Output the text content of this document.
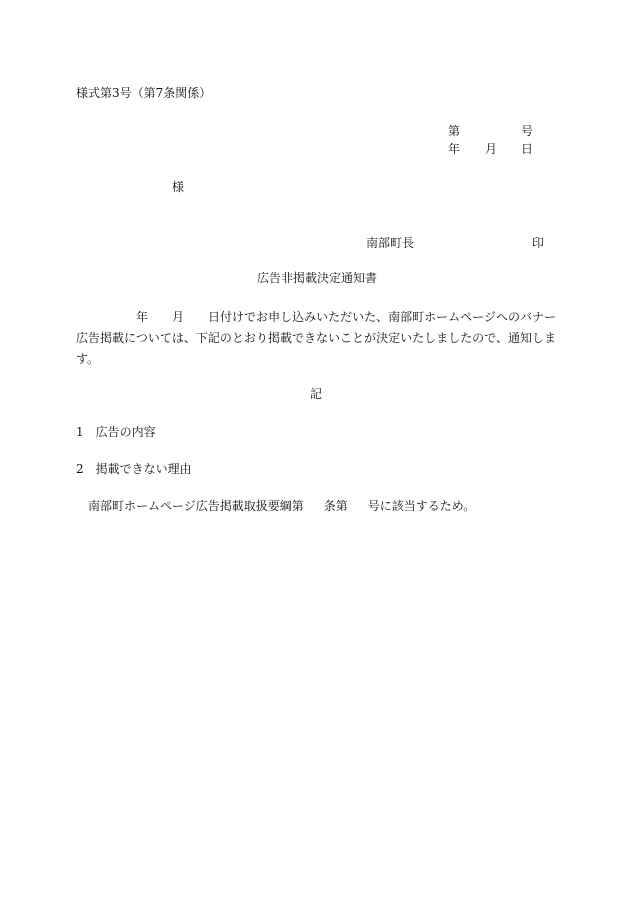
様式第3号（第7条関係）
第	号
年 月 日
様
南部町長	印
広告非掲載決定通知書
年 月 日付けでお申し込みいただいた、南部町ホームページへのバナー広告掲載については、下記のとおり掲載できないことが決定いたしましたので、通知します。
記
1 広告の内容
2 掲載できない理由
南部町ホームページ広告掲載取扱要綱第 条第 号に該当するため。
